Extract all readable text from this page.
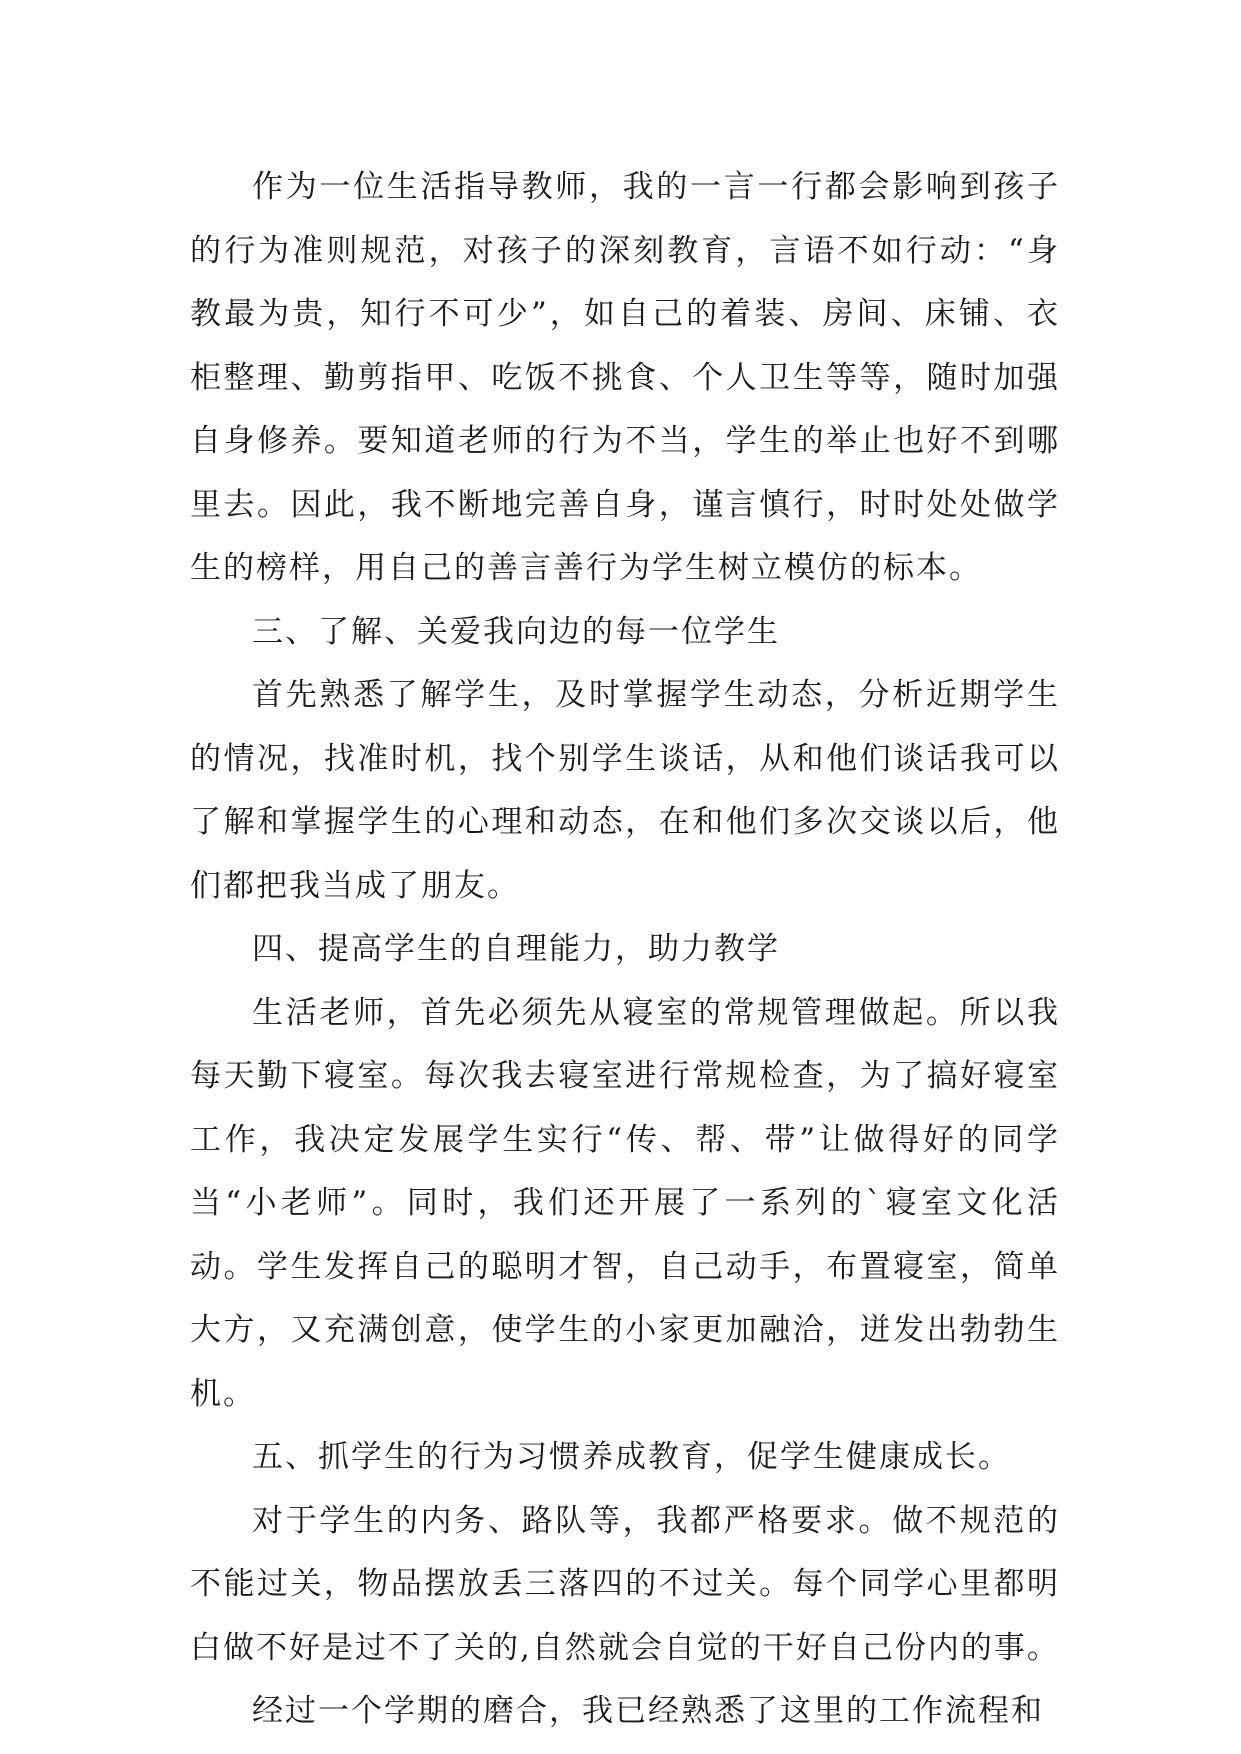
作为一位生活指导教师，我的一言一行都会影响到孩子的行为准则规范，对孩子的深刻教育，言语不如行动：“身教最为贵，知行不可少”，如自己的着装、房间、床铺、衣柜整理、勤剪指甲、吃饭不挑食、个人卫生等等，随时加强自身修养。要知道老师的行为不当，学生的举止也好不到哪里去。因此，我不断地完善自身，谨言慎行，时时处处做学生的榜样，用自己的善言善行为学生树立模仿的标本。

三、了解、关爱我向边的每一位学生

首先熟悉了解学生，及时掌握学生动态，分析近期学生的情况，找准时机，找个别学生谈话，从和他们谈话我可以了解和掌握学生的心理和动态，在和他们多次交谈以后，他们都把我当成了朋友。

四、提高学生的自理能力，助力教学

生活老师，首先必须先从寝室的常规管理做起。所以我每天勤下寝室。每次我去寝室进行常规检查，为了搞好寝室工作，我决定发展学生实行“传、帮、带”让做得好的同学当“小老师”。同时，我们还开展了一系列的`寝室文化活动。学生发挥自己的聪明才智，自己动手，布置寝室，简单大方，又充满创意，使学生的小家更加融洽，迸发出勃勃生机。

五、抓学生的行为习惯养成教育，促学生健康成长。

对于学生的内务、路队等，我都严格要求。做不规范的不能过关，物品摆放丢三落四的不过关。每个同学心里都明白做不好是过不了关的,自然就会自觉的干好自己份内的事。

经过一个学期的磨合，我已经熟悉了这里的工作流程和
